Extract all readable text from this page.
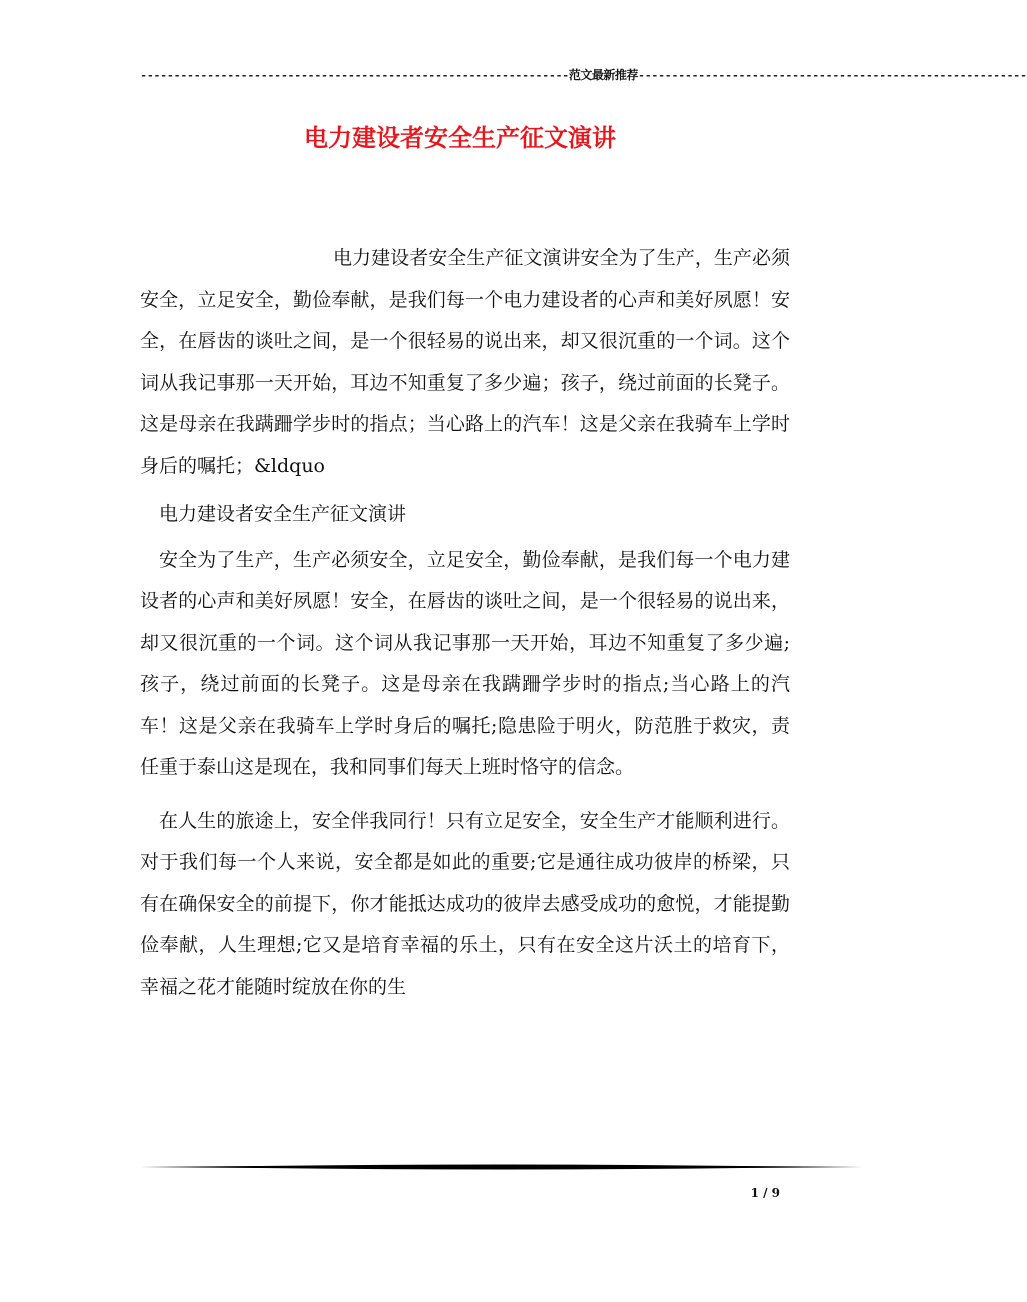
----------------------------------------------------------------范文最新推荐----------------------------------------------------------
电力建设者安全生产征文演讲

电力建设者安全生产征文演讲安全为了生产，生产必须安全，立足安全，勤俭奉献，是我们每一个电力建设者的心声和美好夙愿！安全，在唇齿的谈吐之间，是一个很轻易的说出来，却又很沉重的一个词。这个词从我记事那一天开始，耳边不知重复了多少遍；孩子，绕过前面的长凳子。这是母亲在我蹒跚学步时的指点；当心路上的汽车！这是父亲在我骑车上学时身后的嘱托；&ldquo

电力建设者安全生产征文演讲

安全为了生产，生产必须安全，立足安全，勤俭奉献，是我们每一个电力建设者的心声和美好夙愿！安全，在唇齿的谈吐之间，是一个很轻易的说出来，却又很沉重的一个词。这个词从我记事那一天开始，耳边不知重复了多少遍;孩子，绕过前面的长凳子。这是母亲在我蹒跚学步时的指点;当心路上的汽车！这是父亲在我骑车上学时身后的嘱托;隐患险于明火，防范胜于救灾，责任重于泰山这是现在，我和同事们每天上班时恪守的信念。

在人生的旅途上，安全伴我同行！只有立足安全，安全生产才能顺利进行。对于我们每一个人来说，安全都是如此的重要;它是通往成功彼岸的桥梁，只有在确保安全的前提下，你才能抵达成功的彼岸去感受成功的愈悦，才能提勤俭奉献，人生理想;它又是培育幸福的乐土，只有在安全这片沃土的培育下，幸福之花才能随时绽放在你的生

1 / 9
